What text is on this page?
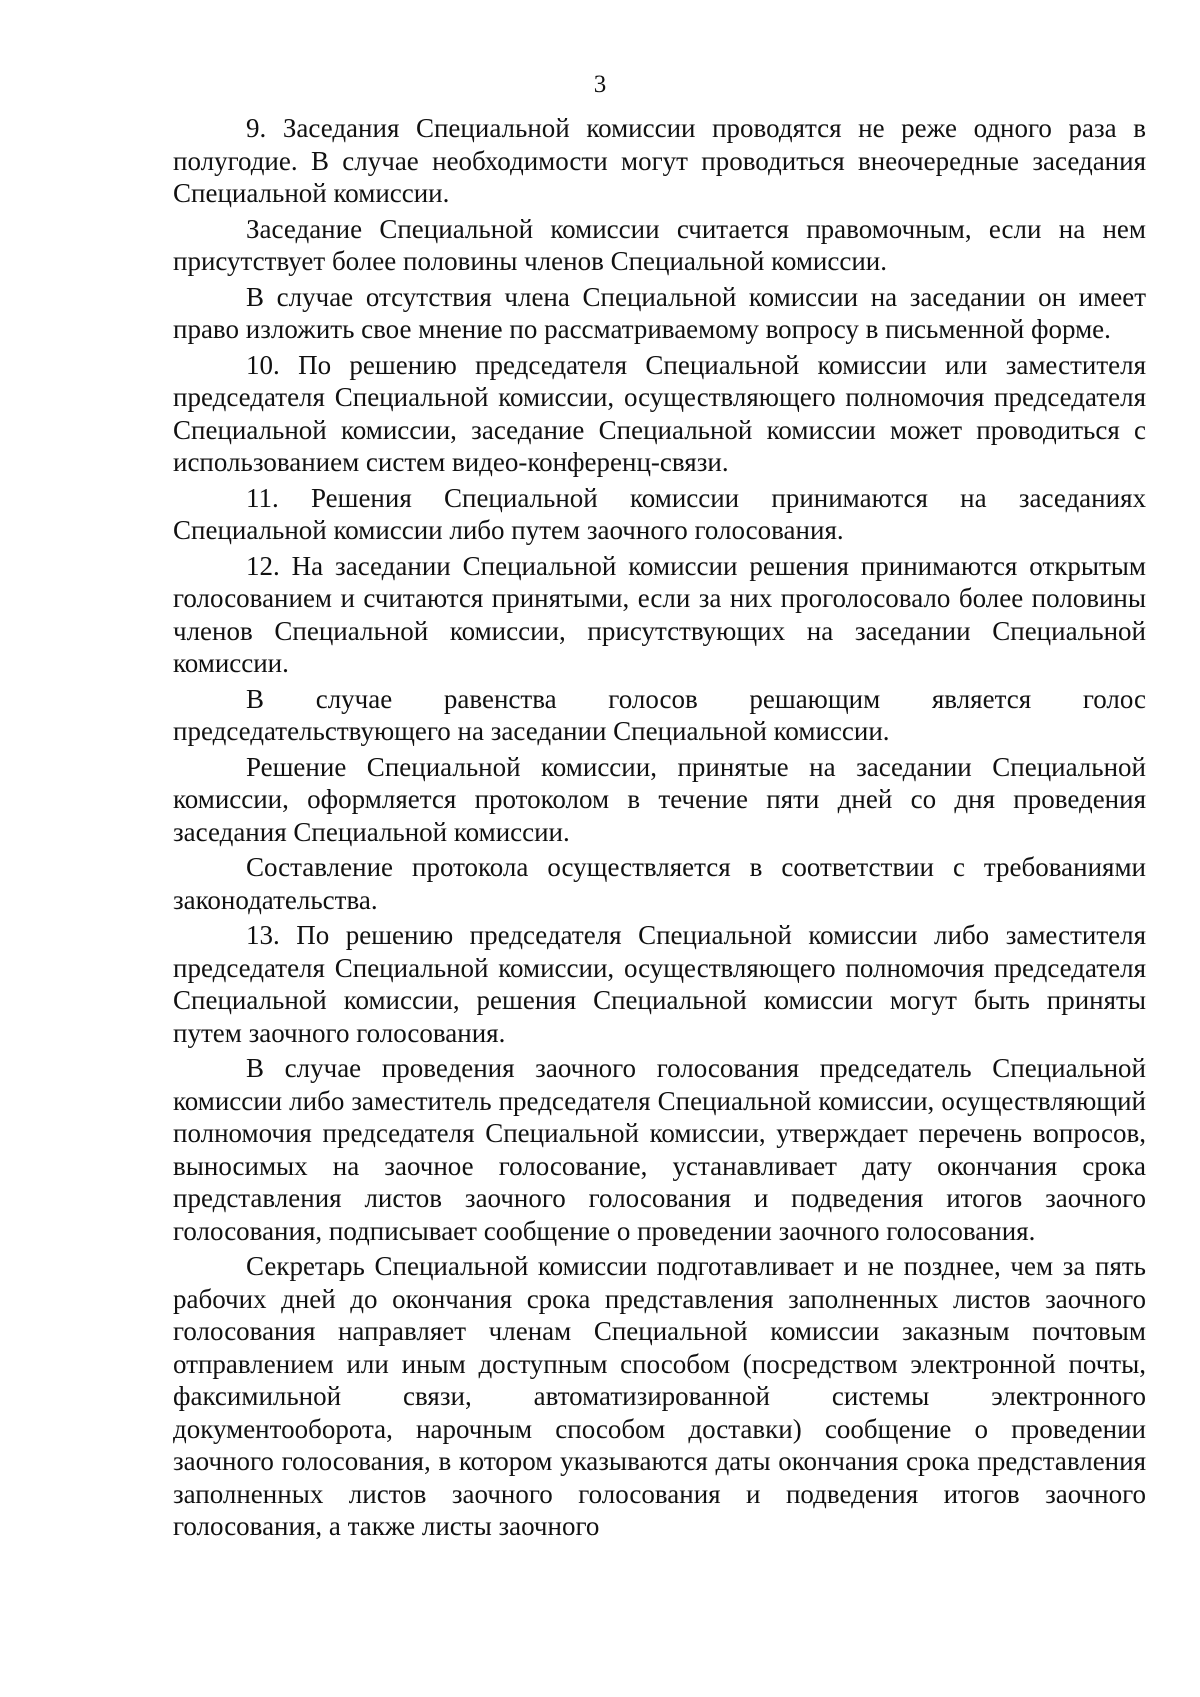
3

9. Заседания Специальной комиссии проводятся не реже одного раза в полугодие. В случае необходимости могут проводиться внеочередные заседания Специальной комиссии.

Заседание Специальной комиссии считается правомочным, если на нем присутствует более половины членов Специальной комиссии.

В случае отсутствия члена Специальной комиссии на заседании он имеет право изложить свое мнение по рассматриваемому вопросу в письменной форме.

10. По решению председателя Специальной комиссии или заместителя председателя Специальной комиссии, осуществляющего полномочия председателя Специальной комиссии, заседание Специальной комиссии может проводиться с использованием систем видео-конференц-связи.

11. Решения Специальной комиссии принимаются на заседаниях Специальной комиссии либо путем заочного голосования.

12. На заседании Специальной комиссии решения принимаются открытым голосованием и считаются принятыми, если за них проголосовало более половины членов Специальной комиссии, присутствующих на заседании Специальной комиссии.

В случае равенства голосов решающим является голос председательствующего на заседании Специальной комиссии.

Решение Специальной комиссии, принятые на заседании Специальной комиссии, оформляется протоколом в течение пяти дней со дня проведения заседания Специальной комиссии.

Составление протокола осуществляется в соответствии с требованиями законодательства.

13. По решению председателя Специальной комиссии либо заместителя председателя Специальной комиссии, осуществляющего полномочия председателя Специальной комиссии, решения Специальной комиссии могут быть приняты путем заочного голосования.

В случае проведения заочного голосования председатель Специальной комиссии либо заместитель председателя Специальной комиссии, осуществляющий полномочия председателя Специальной комиссии, утверждает перечень вопросов, выносимых на заочное голосование, устанавливает дату окончания срока представления листов заочного голосования и подведения итогов заочного голосования, подписывает сообщение о проведении заочного голосования.

Секретарь Специальной комиссии подготавливает и не позднее, чем за пять рабочих дней до окончания срока представления заполненных листов заочного голосования направляет членам Специальной комиссии заказным почтовым отправлением или иным доступным способом (посредством электронной почты, факсимильной связи, автоматизированной системы электронного документооборота, нарочным способом доставки) сообщение о проведении заочного голосования, в котором указываются даты окончания срока представления заполненных листов заочного голосования и подведения итогов заочного голосования, а также листы заочного
